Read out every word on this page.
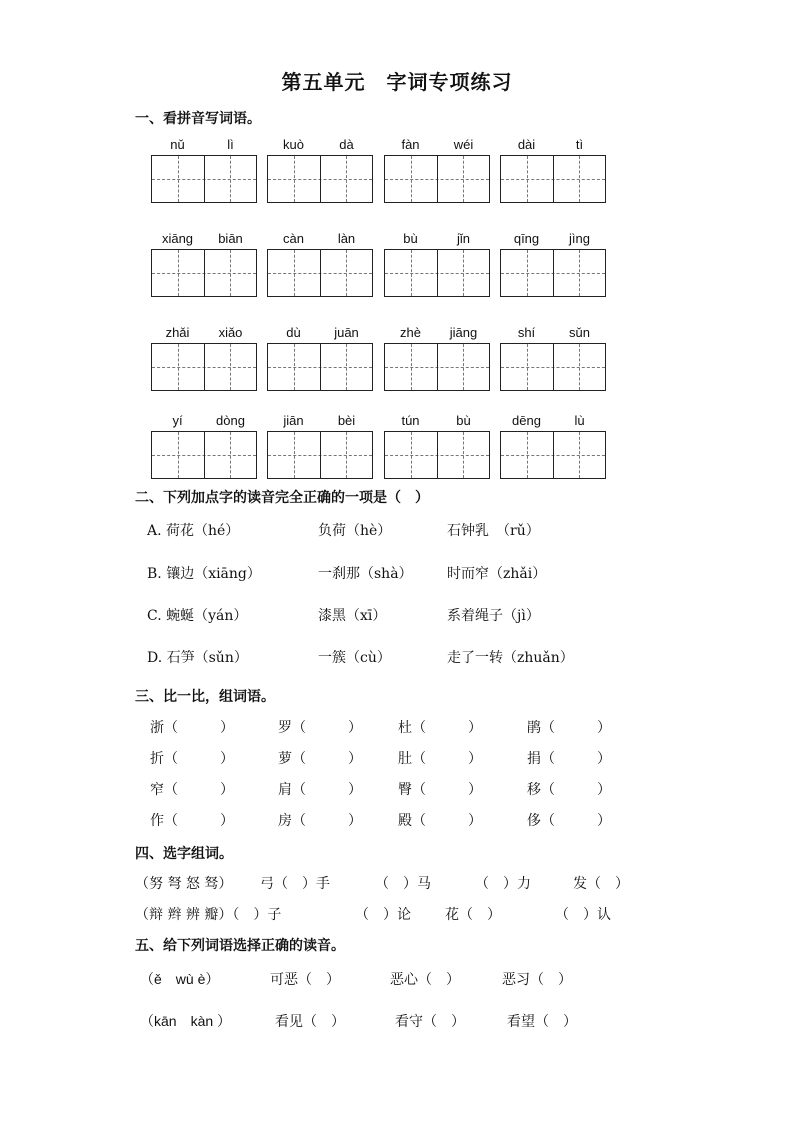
第五单元　字词专项练习
一、看拼音写词语。
nǔ	lì	kuò	dà	fàn	wéi	dài	tì
xiāng	biān	càn	làn	bù	jǐn	qīng	jìng
zhǎi	xiǎo	dù	juān	zhè	jiāng	shí	sǔn
yí	dòng	jiān	bèi	tún	bù	dēng	lù
二、下列加点字的读音完全正确的一项是（　）
A. 荷花（hé）	负荷（hè）	石钟乳　（rǔ）
B. 镶边（xiāng）	一刹那（shà） 时而窄（zhǎi）
C. 蜿蜒（yán）	漆黑（xī）	系着绳子（jì）
D. 石笋（sǔn）	一簇（cù）	走了一转（zhuǎn）
三、比一比，组词语。
浙（　　　）	罗（　　　）	杜（　　　）	鹃（　　　）
折（　　　）	萝（　　　）	肚（　　　）	捐（　　　）
窄（　　　）	肩（　　　）	臀（　　　）	移（　　　）
作（　　　）	房（　　　）	殿（　　　）	侈（　　　）
四、选字组词。
（努 弩 怒 驽） 弓（　）手	（　）马	（　）力	发（　）
（辩 辫 辨 瓣）（　）子	（　）论 花（　）	（　）认
五、给下列词语选择正确的读音。
（ě　wù è）	可恶（　）	恶心（　）	恶习（　）
（kān　kàn ）	看见（　）	看守（　）	看望（　）
